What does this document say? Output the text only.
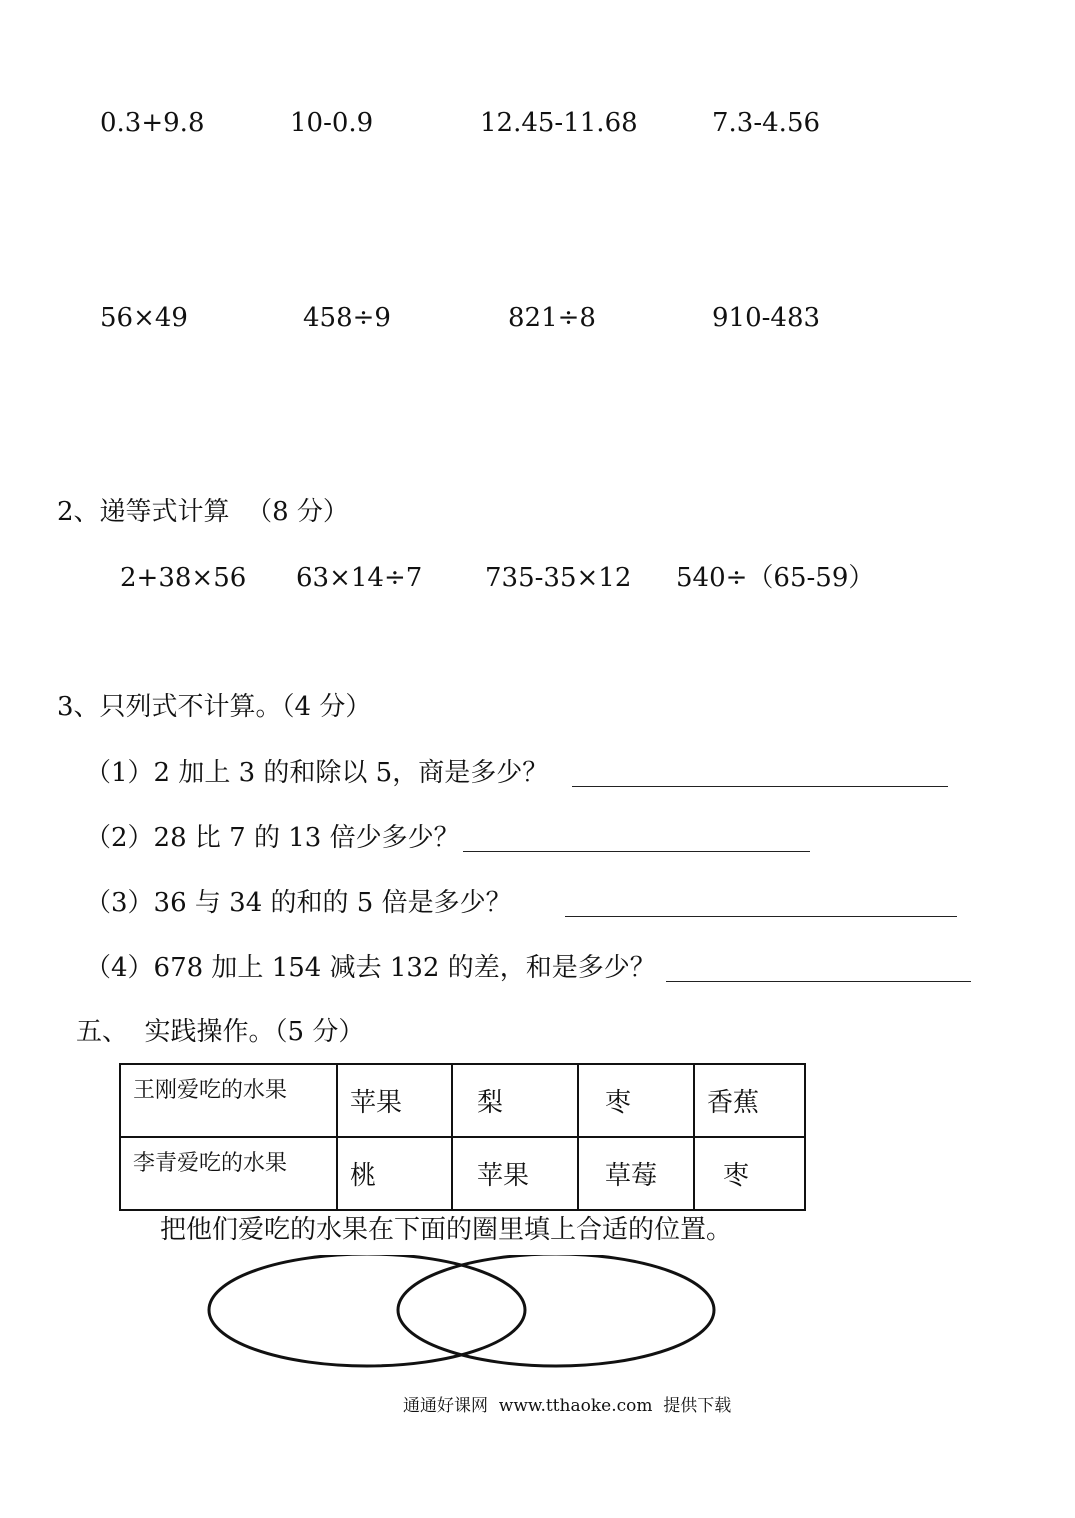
0.3+9.8	10-0.9	12.45-11.68	7.3-4.56
56×49	458÷9	821÷8	910-483
2、递等式计算  （8 分）
2+38×56 63×14÷7 735-35×12 540÷（65-59）
3、只列式不计算。（4 分）
（1）2 加上 3 的和除以 5，商是多少？
（2）28 比 7 的 13 倍少多少？
（3）36 与 34 的和的 5 倍是多少？
（4）678 加上 154 减去 132 的差，和是多少？
五、  实践操作。（5 分）
王刚爱吃的水果	苹果	梨	枣	香蕉
李青爱吃的水果	桃	苹果	草莓	枣
把他们爱吃的水果在下面的圈里填上合适的位置。
通通好课网  www.tthaoke.com  提供下载
